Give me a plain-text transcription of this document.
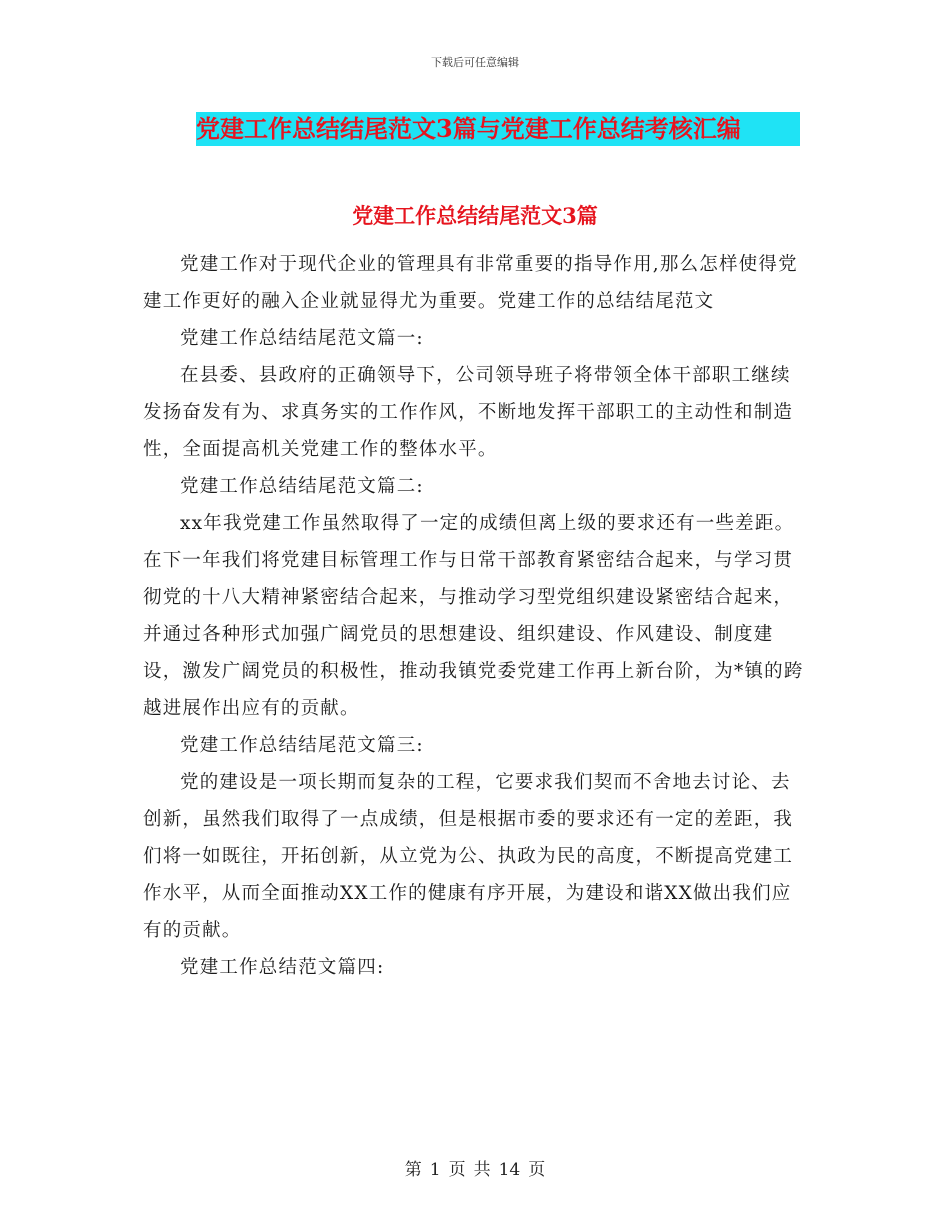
下载后可任意编辑
党建工作总结结尾范文3篇与党建工作总结考核汇编
党建工作总结结尾范文3篇

党建工作对于现代企业的管理具有非常重要的指导作用,那么怎样使得党建工作更好的融入企业就显得尤为重要。党建工作的总结结尾范文

党建工作总结结尾范文篇一:

在县委、县政府的正确领导下，公司领导班子将带领全体干部职工继续发扬奋发有为、求真务实的工作作风，不断地发挥干部职工的主动性和制造性，全面提高机关党建工作的整体水平。

党建工作总结结尾范文篇二:

xx年我党建工作虽然取得了一定的成绩但离上级的要求还有一些差距。在下一年我们将党建目标管理工作与日常干部教育紧密结合起来，与学习贯彻党的十八大精神紧密结合起来，与推动学习型党组织建设紧密结合起来，并通过各种形式加强广阔党员的思想建设、组织建设、作风建设、制度建设，激发广阔党员的积极性，推动我镇党委党建工作再上新台阶，为*镇的跨越进展作出应有的贡献。

党建工作总结结尾范文篇三:

党的建设是一项长期而复杂的工程，它要求我们契而不舍地去讨论、去创新，虽然我们取得了一点成绩，但是根据市委的要求还有一定的差距，我们将一如既往，开拓创新，从立党为公、执政为民的高度，不断提高党建工作水平，从而全面推动XX工作的健康有序开展，为建设和谐XX做出我们应有的贡献。

党建工作总结范文篇四:

第 1 页 共 14 页
